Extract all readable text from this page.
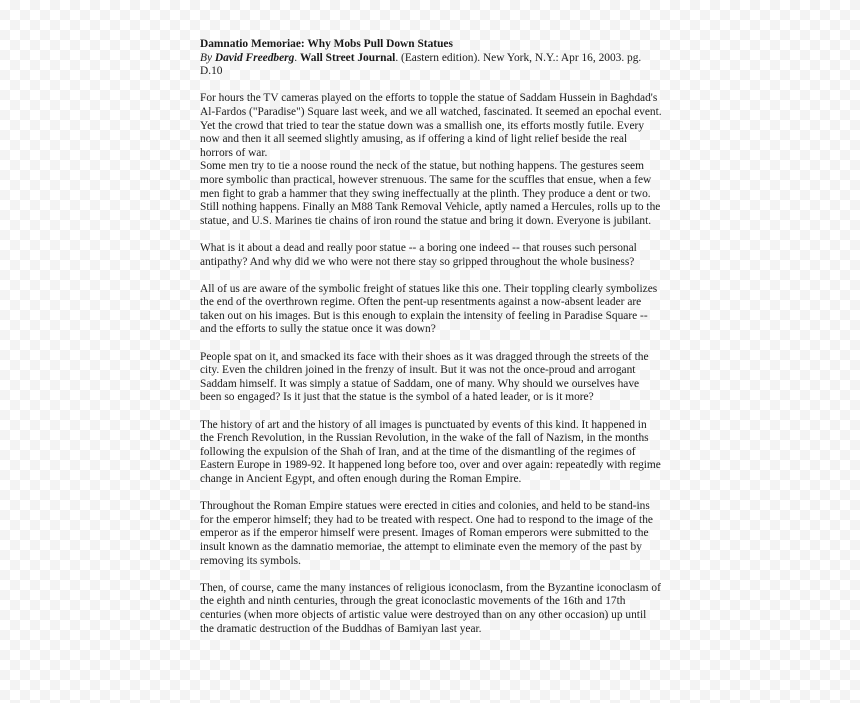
Damnatio Memoriae: Why Mobs Pull Down Statues

By David Freedberg. Wall Street Journal. (Eastern edition). New York, N.Y.: Apr 16, 2003. pg. D.10

For hours the TV cameras played on the efforts to topple the statue of Saddam Hussein in Baghdad's Al-Fardos ("Paradise") Square last week, and we all watched, fascinated. It seemed an epochal event. Yet the crowd that tried to tear the statue down was a smallish one, its efforts mostly futile. Every now and then it all seemed slightly amusing, as if offering a kind of light relief beside the real horrors of war.

Some men try to tie a noose round the neck of the statue, but nothing happens. The gestures seem more symbolic than practical, however strenuous. The same for the scuffles that ensue, when a few men fight to grab a hammer that they swing ineffectually at the plinth. They produce a dent or two. Still nothing happens. Finally an M88 Tank Removal Vehicle, aptly named a Hercules, rolls up to the statue, and U.S. Marines tie chains of iron round the statue and bring it down. Everyone is jubilant.

What is it about a dead and really poor statue -- a boring one indeed -- that rouses such personal antipathy? And why did we who were not there stay so gripped throughout the whole business?

All of us are aware of the symbolic freight of statues like this one. Their toppling clearly symbolizes the end of the overthrown regime. Often the pent-up resentments against a now-absent leader are taken out on his images. But is this enough to explain the intensity of feeling in Paradise Square -- and the efforts to sully the statue once it was down?

People spat on it, and smacked its face with their shoes as it was dragged through the streets of the city. Even the children joined in the frenzy of insult. But it was not the once-proud and arrogant Saddam himself. It was simply a statue of Saddam, one of many. Why should we ourselves have been so engaged? Is it just that the statue is the symbol of a hated leader, or is it more?

The history of art and the history of all images is punctuated by events of this kind. It happened in the French Revolution, in the Russian Revolution, in the wake of the fall of Nazism, in the months following the expulsion of the Shah of Iran, and at the time of the dismantling of the regimes of Eastern Europe in 1989-92. It happened long before too, over and over again: repeatedly with regime change in Ancient Egypt, and often enough during the Roman Empire.

Throughout the Roman Empire statues were erected in cities and colonies, and held to be stand-ins for the emperor himself; they had to be treated with respect. One had to respond to the image of the emperor as if the emperor himself were present. Images of Roman emperors were submitted to the insult known as the damnatio memoriae, the attempt to eliminate even the memory of the past by removing its symbols.

Then, of course, came the many instances of religious iconoclasm, from the Byzantine iconoclasm of the eighth and ninth centuries, through the great iconoclastic movements of the 16th and 17th centuries (when more objects of artistic value were destroyed than on any other occasion) up until the dramatic destruction of the Buddhas of Bamiyan last year.
